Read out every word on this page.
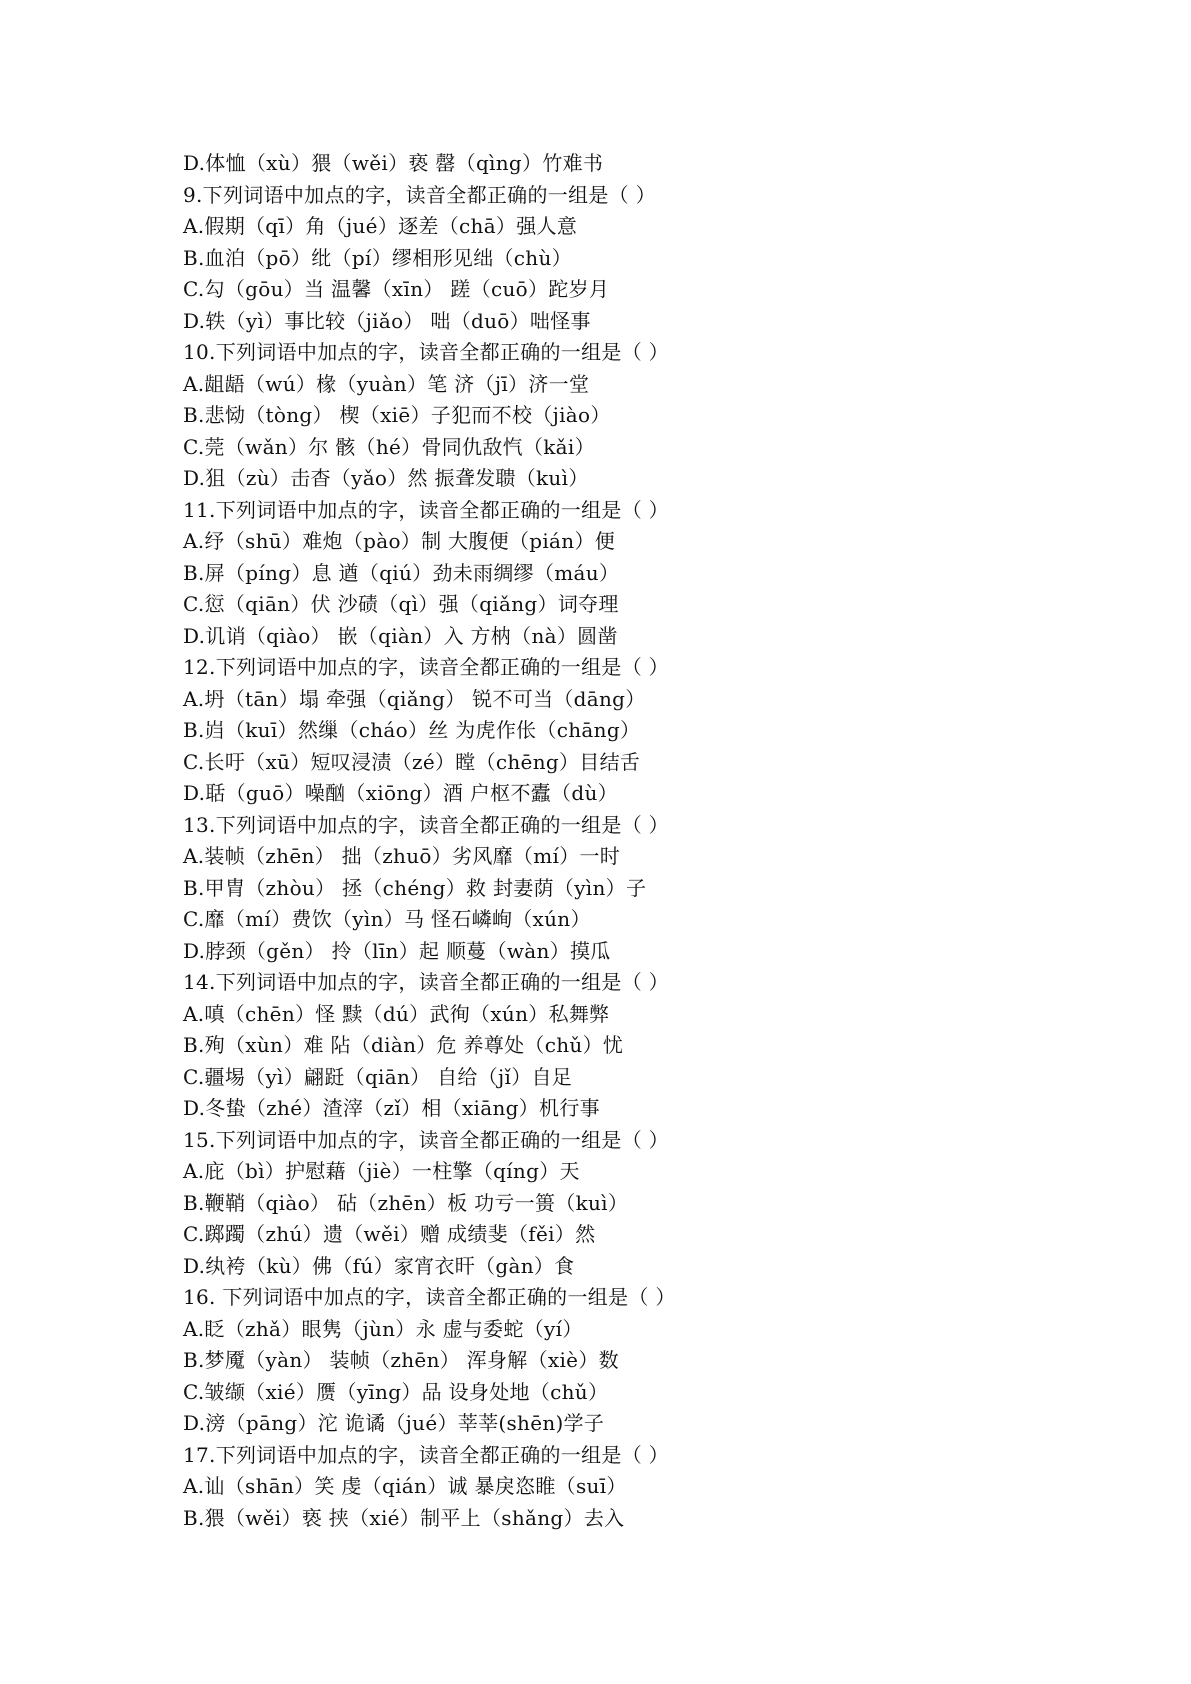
D.体恤（xù）猥（wěi）亵 罄（qìng）竹难书
9.下列词语中加点的字，读音全都正确的一组是（ ）
A.假期（qī）角（jué）逐差（chā）强人意
B.血泊（pō）纰（pí）缪相形见绌（chù）
C.勾（gōu）当 温馨（xīn） 蹉（cuō）跎岁月
D.轶（yì）事比较（jiǎo） 咄（duō）咄怪事
10.下列词语中加点的字，读音全都正确的一组是（ ）
A.龃龉（wú）椽（yuàn）笔 济（jī）济一堂
B.悲恸（tòng） 楔（xiē）子犯而不校（jiào）
C.莞（wǎn）尔 骸（hé）骨同仇敌忾（kǎi）
D.狙（zù）击杳（yǎo）然 振聋发聩（kuì）
11.下列词语中加点的字，读音全都正确的一组是（ ）
A.纾（shū）难炮（pào）制 大腹便（pián）便
B.屏（píng）息 遒（qiú）劲未雨绸缪（máu）
C.愆（qiān）伏 沙碛（qì）强（qiǎng）词夺理
D.讥诮（qiào） 嵌（qiàn）入 方枘（nà）圆凿
12.下列词语中加点的字，读音全都正确的一组是（ ）
A.坍（tān）塌 牵强（qiǎng） 锐不可当（dāng）
B.岿（kuī）然缫（cháo）丝 为虎作伥（chāng）
C.长吁（xū）短叹浸渍（zé）瞠（chēng）目结舌
D.聒（guō）噪酗（xiōng）酒 户枢不蠹（dù）
13.下列词语中加点的字，读音全都正确的一组是（ ）
A.装帧（zhēn） 拙（zhuō）劣风靡（mí）一时
B.甲胄（zhòu） 拯（chéng）救 封妻荫（yìn）子
C.靡（mí）费饮（yìn）马 怪石嶙峋（xún）
D.脖颈（gěn） 拎（līn）起 顺蔓（wàn）摸瓜
14.下列词语中加点的字，读音全都正确的一组是（ ）
A.嗔（chēn）怪 黩（dú）武徇（xún）私舞弊
B.殉（xùn）难 阽（diàn）危 养尊处（chǔ）忧
C.疆埸（yì）翩跹（qiān） 自给（jǐ）自足
D.冬蛰（zhé）渣滓（zǐ）相（xiāng）机行事
15.下列词语中加点的字，读音全都正确的一组是（ ）
A.庇（bì）护慰藉（jiè）一柱擎（qíng）天
B.鞭鞘（qiào） 砧（zhēn）板 功亏一篑（kuì）
C.踯躅（zhú）遗（wěi）赠 成绩斐（fěi）然
D.纨袴（kù）佛（fú）家宵衣旰（gàn）食
16. 下列词语中加点的字，读音全都正确的一组是（ ）
A.眨（zhǎ）眼隽（jùn）永 虚与委蛇（yí）
B.梦魇（yàn） 装帧（zhēn） 浑身解（xiè）数
C.皱缬（xié）赝（yīng）品 设身处地（chǔ）
D.滂（pāng）沱 诡谲（jué）莘莘(shēn)学子
17.下列词语中加点的字，读音全都正确的一组是（ ）
A.讪（shān）笑 虔（qián）诚 暴戾恣睢（suī）
B.猥（wěi）亵 挟（xié）制平上（shǎng）去入
